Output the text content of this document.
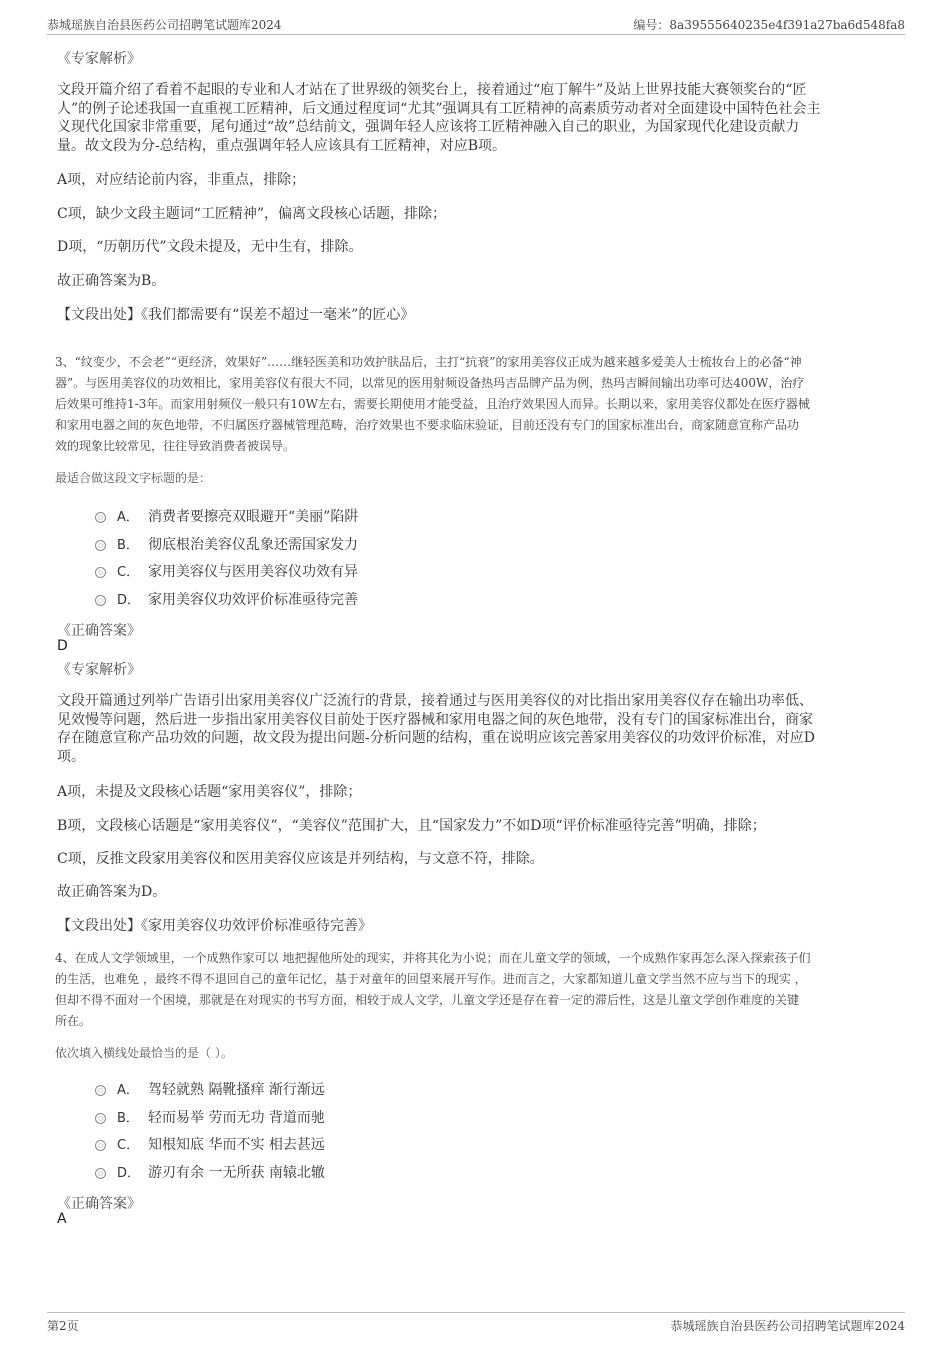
恭城瑶族自治县医药公司招聘笔试题库2024	编号：8a39555640235e4f391a27ba6d548fa8
《专家解析》
文段开篇介绍了看着不起眼的专业和人才站在了世界级的领奖台上，接着通过“庖丁解牛”及站上世界技能大赛领奖台的“匠
人”的例子论述我国一直重视工匠精神，后文通过程度词“尤其”强调具有工匠精神的高素质劳动者对全面建设中国特色社会主
义现代化国家非常重要，尾句通过“故”总结前文，强调年轻人应该将工匠精神融入自己的职业，为国家现代化建设贡献力
量。故文段为分-总结构，重点强调年轻人应该具有工匠精神，对应B项。
A项，对应结论前内容，非重点，排除；
C项，缺少文段主题词“工匠精神”，偏离文段核心话题，排除；
D项，“历朝历代”文段未提及，无中生有，排除。
故正确答案为B。
【文段出处】《我们都需要有“误差不超过一毫米”的匠心》
3、“纹变少，不会老”“更经济，效果好”……继轻医美和功效护肤品后，主打“抗衰”的家用美容仪正成为越来越多爱美人士梳妆台上的必备“神
器”。与医用美容仪的功效相比，家用美容仪有很大不同，以常见的医用射频设备热玛吉品牌产品为例，热玛吉瞬间输出功率可达400W，治疗
后效果可维持1-3年。而家用射频仪一般只有10W左右，需要长期使用才能受益，且治疗效果因人而异。长期以来，家用美容仪都处在医疗器械
和家用电器之间的灰色地带，不归属医疗器械管理范畴，治疗效果也不要求临床验证，目前还没有专门的国家标准出台，商家随意宣称产品功
效的现象比较常见，往往导致消费者被误导。
最适合做这段文字标题的是：
A． 消费者要擦亮双眼避开“美丽”陷阱
B． 彻底根治美容仪乱象还需国家发力
C． 家用美容仪与医用美容仪功效有异
D． 家用美容仪功效评价标准亟待完善
《正确答案》
D
《专家解析》
文段开篇通过列举广告语引出家用美容仪广泛流行的背景，接着通过与医用美容仪的对比指出家用美容仪存在输出功率低、
见效慢等问题，然后进一步指出家用美容仪目前处于医疗器械和家用电器之间的灰色地带，没有专门的国家标准出台，商家
存在随意宣称产品功效的问题，故文段为提出问题-分析问题的结构，重在说明应该完善家用美容仪的功效评价标准，对应D
项。
A项，未提及文段核心话题“家用美容仪”，排除；
B项，文段核心话题是“家用美容仪”，“美容仪”范围扩大，且“国家发力”不如D项“评价标准亟待完善”明确，排除；
C项，反推文段家用美容仪和医用美容仪应该是并列结构，与文意不符，排除。
故正确答案为D。
【文段出处】《家用美容仪功效评价标准亟待完善》
4、在成人文学领域里，一个成熟作家可以 地把握他所处的现实，并将其化为小说；而在儿童文学的领域，一个成熟作家再怎么深入探索孩子们
的生活，也难免 ，最终不得不退回自己的童年记忆，基于对童年的回望来展开写作。进而言之，大家都知道儿童文学当然不应与当下的现实 ，
但却不得不面对一个困境，那就是在对现实的书写方面，相较于成人文学，儿童文学还是存在着一定的滞后性，这是儿童文学创作难度的关键
所在。
依次填入横线处最恰当的是（ ）。
A． 驾轻就熟 隔靴搔痒 渐行渐远
B． 轻而易举 劳而无功 背道而驰
C． 知根知底 华而不实 相去甚远
D． 游刃有余 一无所获 南辕北辙
《正确答案》
A
第2页	恭城瑶族自治县医药公司招聘笔试题库2024
